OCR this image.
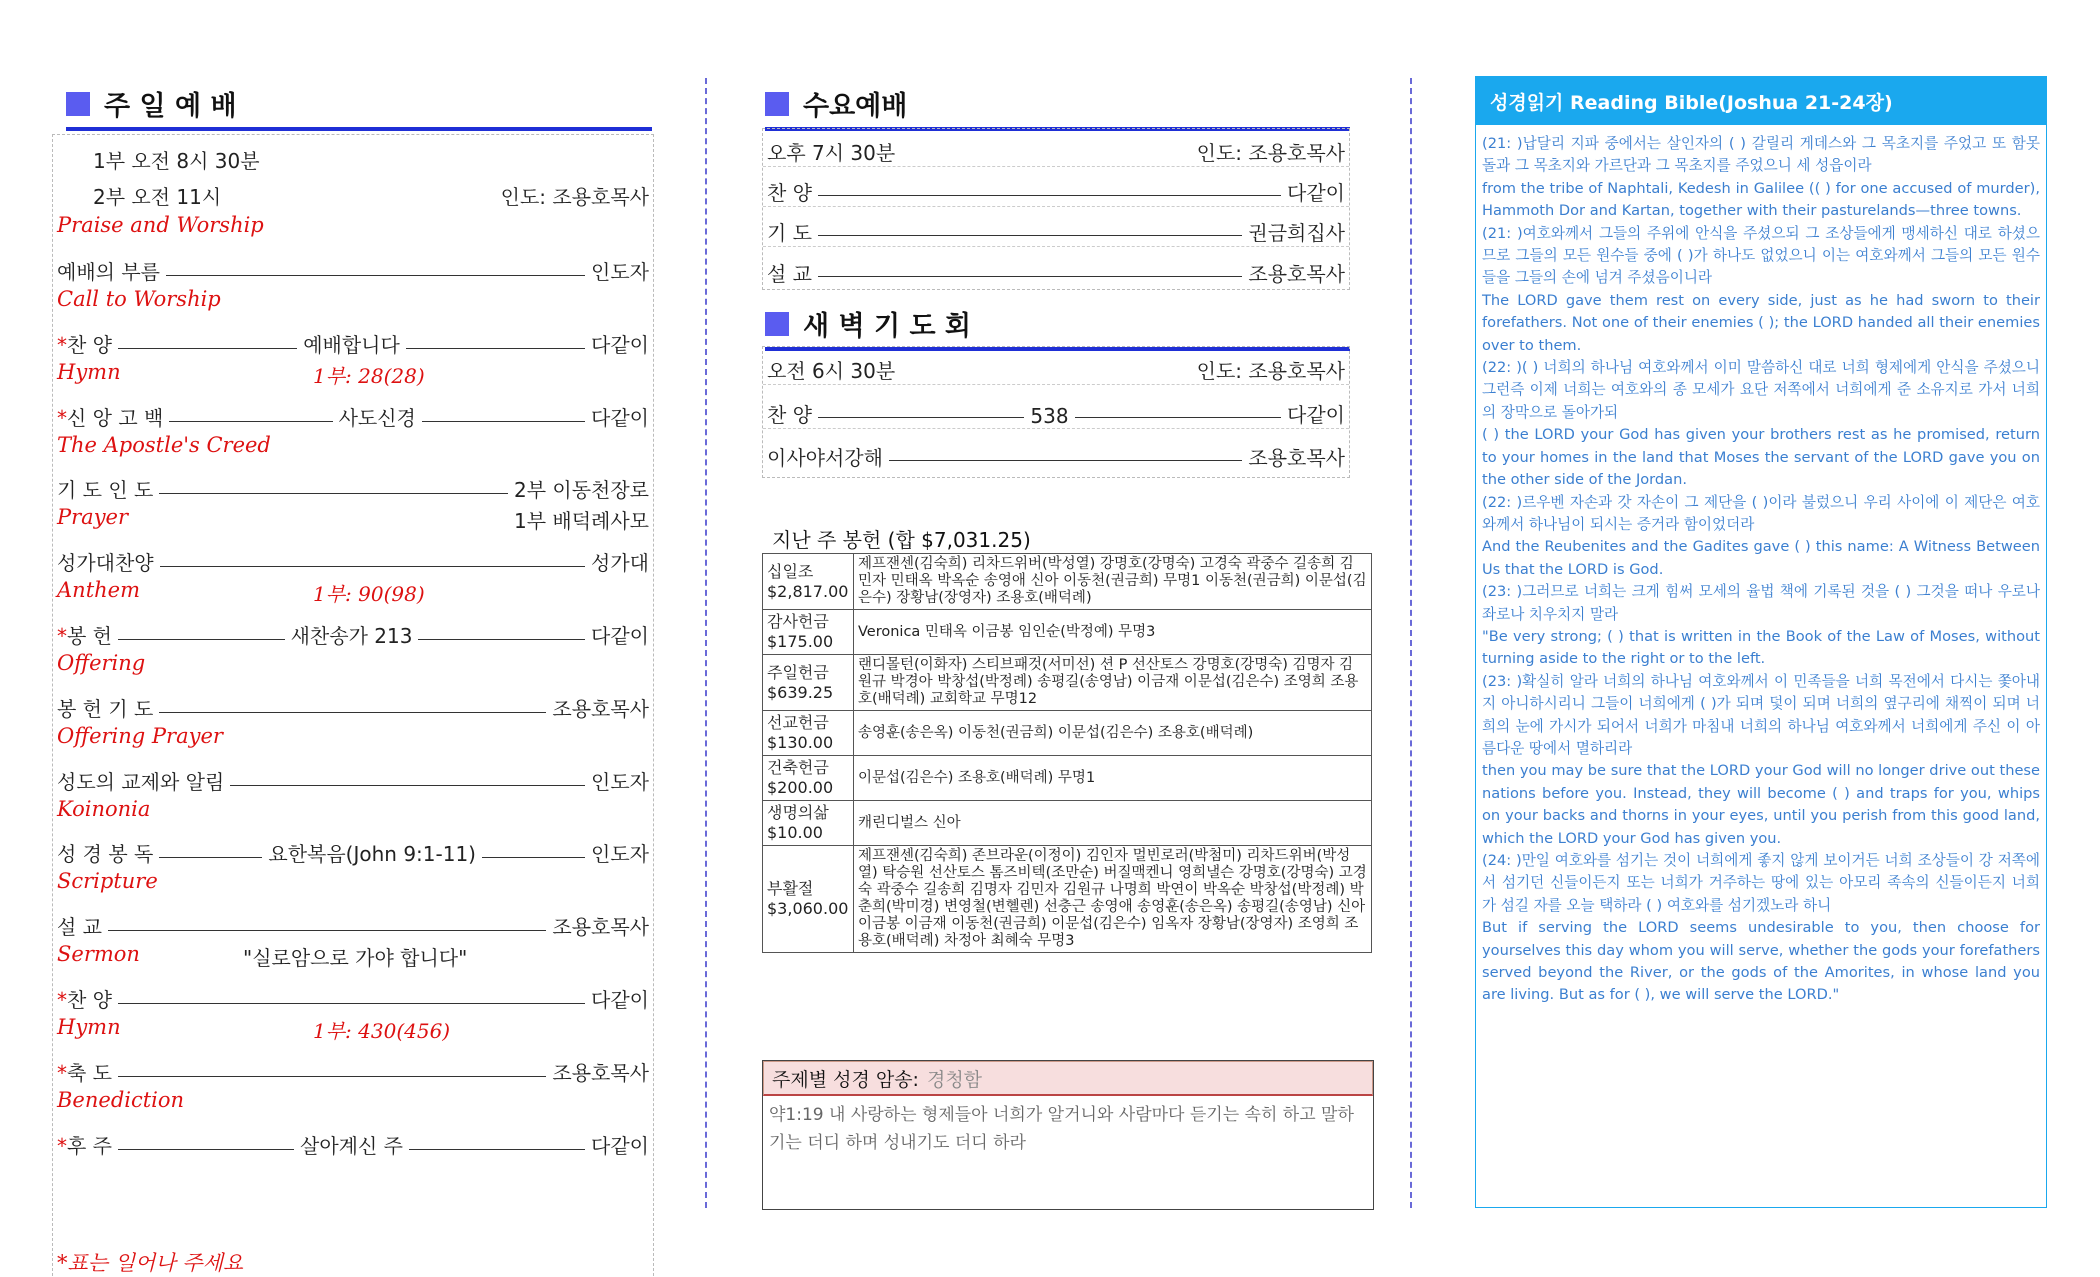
주 일 예 배
1부 오전 8시 30분
2부 오전 11시	인도: 조용호목사
Praise and Worship
예배의 부름	인도자
Call to Worship
*찬 양	예배합니다	다같이
Hymn	1부: 28(28)
*신 앙 고 백	사도신경	다같이
The Apostle's Creed
기 도 인 도	2부 이동천장로
Prayer	1부 배덕례사모
성가대찬양	성가대
Anthem	1부: 90(98)
*봉 헌	새찬송가 213	다같이
Offering
봉 헌 기 도	조용호목사
Offering Prayer
성도의 교제와 알림	인도자
Koinonia
성 경 봉 독	요한복음(John 9:1-11)	인도자
Scripture
설 교	조용호목사
Sermon	"실로암으로 가야 합니다"
*찬 양	다같이
Hymn	1부: 430(456)
*축 도	조용호목사
Benediction
*후 주	살아계신 주	다같이
*표는 일어나 주세요
수요예배
오후 7시 30분	인도: 조용호목사
찬 양	다같이
기 도	권금희집사
설 교	조용호목사
새 벽 기 도 회
오전 6시 30분	인도: 조용호목사
찬 양	538	다같이
이사야서강해	조용호목사
지난 주 봉헌 (합 $7,031.25)
십일조
$2,817.00	제프잰센(김숙희) 리차드위버(박성열) 강명호(강명숙) 고경숙 곽중수 길송희 김민자 민태옥 박옥순 송영애 신아 이동천(권금희) 무명1 이동천(권금희) 이문섭(김은수) 장황남(장영자) 조용호(배덕례)

감사헌금
$175.00	Veronica 민태옥 이금봉 임인순(박정예) 무명3

주일헌금
$639.25	랜디몰턴(이화자) 스티브패것(서미선) 션 P 선산토스 강명호(강명숙) 김명자 김원규 박경아 박창섭(박정례) 송평길(송영남) 이금재 이문섭(김은수) 조영희 조용호(배덕례) 교회학교 무명12

선교헌금
$130.00	송영훈(송은옥) 이동천(권금희) 이문섭(김은수) 조용호(배덕례)

건축헌금
$200.00	이문섭(김은수) 조용호(배덕례) 무명1

생명의삶
$10.00	캐린디벌스 신아

부활절
$3,060.00	제프잰센(김숙희) 존브라운(이정이) 김인자 멀빈로러(박첨미) 리차드위버(박성열) 탁승원 선산토스 톰즈비텍(조만순) 버질맥켄니 영희낼슨 강명호(강명숙) 고경숙 곽중수 길송희 김명자 김민자 김원규 나명희 박연이 박옥순 박창섭(박정례) 박춘희(박미경) 변영철(변혤렌) 선충근 송영애 송영훈(송은옥) 송평길(송영남) 신아 이금봉 이금재 이동천(권금희) 이문섭(김은수) 임옥자 장황남(장영자) 조영희 조용호(배덕례) 차정아 최혜숙 무명3
주제별 성경 암송: 경청함
약1:19 내 사랑하는 형제들아 너희가 알거니와 사람마다 듣기는 속히 하고 말하기는 더디 하며 성내기도 더디 하라
성경읽기 Reading Bible(Joshua 21-24장)
(21: )납달리 지파 중에서는 살인자의 ( ) 갈릴리 게데스와 그 목초지를 주었고 또 함못 돌과 그 목초지와 가르단과 그 목초지를 주었으니 세 성읍이라
from the tribe of Naphtali, Kedesh in Galilee (( ) for one accused of murder), Hammoth Dor and Kartan, together with their pasturelands—three towns.
(21: )여호와께서 그들의 주위에 안식을 주셨으되 그 조상들에게 맹세하신 대로 하셨으므로 그들의 모든 원수들 중에 ( )가 하나도 없었으니 이는 여호와께서 그들의 모든 원수들을 그들의 손에 넘겨 주셨음이니라
The LORD gave them rest on every side, just as he had sworn to their forefathers. Not one of their enemies ( ); the LORD handed all their enemies over to them.
(22: )( ) 너희의 하나님 여호와께서 이미 말씀하신 대로 너희 형제에게 안식을 주셨으니 그런즉 이제 너희는 여호와의 종 모세가 요단 저쪽에서 너희에게 준 소유지로 가서 너희의 장막으로 돌아가되
( ) the LORD your God has given your brothers rest as he promised, return to your homes in the land that Moses the servant of the LORD gave you on the other side of the Jordan.
(22: )르우벤 자손과 갓 자손이 그 제단을 ( )이라 불렀으니 우리 사이에 이 제단은 여호와께서 하나님이 되시는 증거라 함이었더라
And the Reubenites and the Gadites gave ( ) this name: A Witness Between Us that the LORD is God.
(23: )그러므로 너희는 크게 힘써 모세의 율법 책에 기록된 것을 ( ) 그것을 떠나 우로나 좌로나 치우치지 말라
"Be very strong; ( ) that is written in the Book of the Law of Moses, without turning aside to the right or to the left.
(23: )확실히 알라 너희의 하나님 여호와께서 이 민족들을 너희 목전에서 다시는 쫓아내지 아니하시리니 그들이 너희에게 ( )가 되며 덫이 되며 너희의 옆구리에 채찍이 되며 너희의 눈에 가시가 되어서 너희가 마침내 너희의 하나님 여호와께서 너희에게 주신 이 아름다운 땅에서 멸하리라
then you may be sure that the LORD your God will no longer drive out these nations before you. Instead, they will become ( ) and traps for you, whips on your backs and thorns in your eyes, until you perish from this good land, which the LORD your God has given you.
(24: )만일 여호와를 섬기는 것이 너희에게 좋지 않게 보이거든 너희 조상들이 강 저쪽에서 섬기던 신들이든지 또는 너희가 거주하는 땅에 있는 아모리 족속의 신들이든지 너희가 섬길 자를 오늘 택하라 ( ) 여호와를 섬기겠노라 하니
But if serving the LORD seems undesirable to you, then choose for yourselves this day whom you will serve, whether the gods your forefathers served beyond the River, or the gods of the Amorites, in whose land you are living. But as for ( ), we will serve the LORD."
